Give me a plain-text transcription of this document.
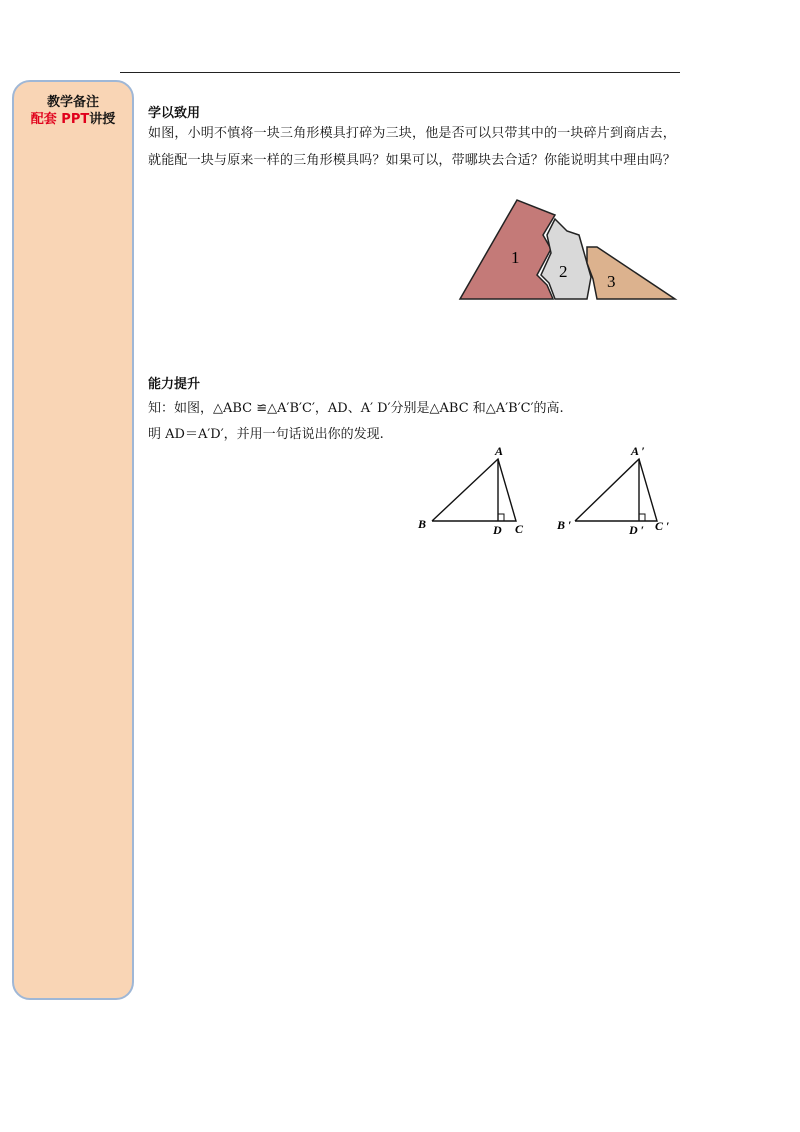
教学备注
配套 PPT讲授	学以致用
如图，小明不慎将一块三角形模具打碎为三块，他是否可以只带其中的一块碎片到商店去，就能配一块与原来一样的三角形模具吗？如果可以，带哪块去合适？你能说明其中理由吗？
1
2
3
能力提升
知：如图，△ABC ≌△A′B′C′，AD、A′ D′分别是△ABC 和△A′B′C′的高.
明 AD＝A′D′，并用一句话说出你的发现.
A
B	D C
A ′
B ′	D ′ C ′
